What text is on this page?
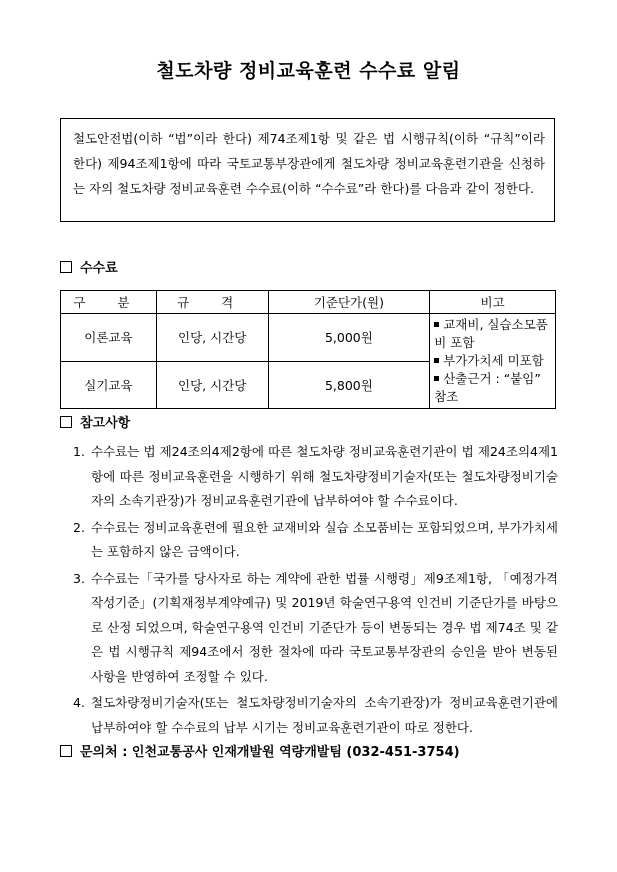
철도차량 정비교육훈련 수수료 알림
철도안전법(이하 “법”이라 한다) 제74조제1항 및 같은 법 시행규칙(이하 “규칙”이라 한다) 제94조제1항에 따라 국토교통부장관에게 철도차량 정비교육훈련기관을 신청하는 자의 철도차량 정비교육훈련 수수료(이하 “수수료”라 한다)를 다음과 같이 정한다.
수수료
구 분	규 격	기준단가(원)	비고
이론교육	인당, 시간당	5,000원	교재비, 실습소모품비 포함
부가가치세 미포함
산출근거 : “붙임” 참조

실기교육	인당, 시간당	5,800원	
참고사항
1. 수수료는 법 제24조의4제2항에 따른 철도차량 정비교육훈련기관이 법 제24조의4제1항에 따른 정비교육훈련을 시행하기 위해 철도차량정비기술자(또는 철도차량정비기술자의 소속기관장)가 정비교육훈련기관에 납부하여야 할 수수료이다.
2. 수수료는 정비교육훈련에 필요한 교재비와 실습 소모품비는 포함되었으며, 부가가치세는 포함하지 않은 금액이다.
3. 수수료는「국가를 당사자로 하는 계약에 관한 법률 시행령」제9조제1항, 「예정가격 작성기준」(기획재정부계약예규) 및 2019년 학술연구용역 인건비 기준단가를 바탕으로 산정 되었으며, 학술연구용역 인건비 기준단가 등이 변동되는 경우 법 제74조 및 같은 법 시행규칙 제94조에서 정한 절차에 따라 국토교통부장관의 승인을 받아 변동된 사항을 반영하여 조정할 수 있다.
4. 철도차량정비기술자(또는 철도차량정비기술자의 소속기관장)가 정비교육훈련기관에 납부하여야 할 수수료의 납부 시기는 정비교육훈련기관이 따로 정한다.
문의처 : 인천교통공사 인재개발원 역량개발팀 (032-451-3754)
